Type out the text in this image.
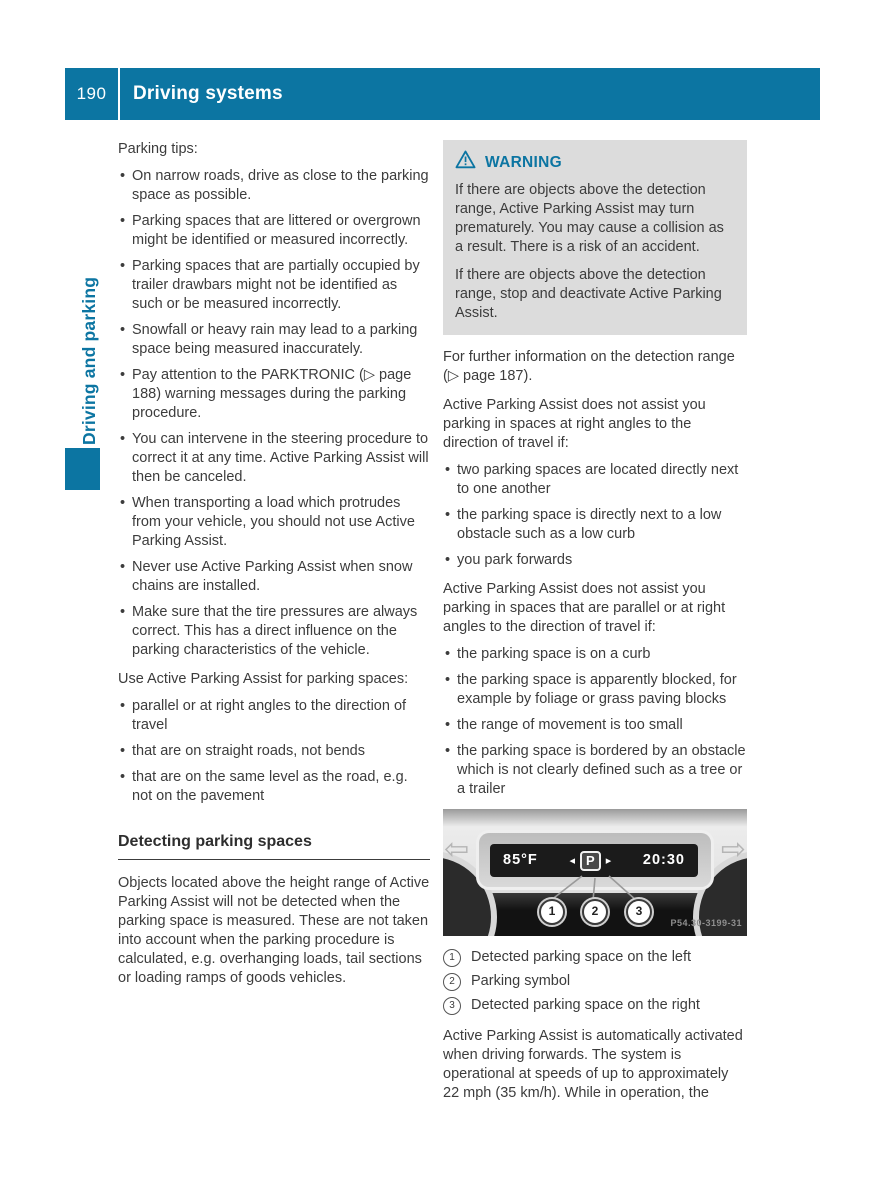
190	Driving systems
Driving and parking

Parking tips:

• On narrow roads, drive as close to the parking space as possible.
• Parking spaces that are littered or overgrown might be identified or measured incorrectly.
• Parking spaces that are partially occupied by trailer drawbars might not be identified as such or be measured incorrectly.
• Snowfall or heavy rain may lead to a parking space being measured inaccurately.
• Pay attention to the PARKTRONIC (▷ page 188) warning messages during the parking procedure.
• You can intervene in the steering procedure to correct it at any time. Active Parking Assist will then be canceled.
• When transporting a load which protrudes from your vehicle, you should not use Active Parking Assist.
• Never use Active Parking Assist when snow chains are installed.
• Make sure that the tire pressures are always correct. This has a direct influence on the parking characteristics of the vehicle.

Use Active Parking Assist for parking spaces:

• parallel or at right angles to the direction of travel
• that are on straight roads, not bends
• that are on the same level as the road, e.g. not on the pavement
Detecting parking spaces

Objects located above the height range of Active Parking Assist will not be detected when the parking space is measured. These are not taken into account when the parking procedure is calculated, e.g. overhanging loads, tail sections or loading ramps of goods vehicles.

WARNING

If there are objects above the detection range, Active Parking Assist may turn prematurely. You may cause a collision as a result. There is a risk of an accident.

If there are objects above the detection range, stop and deactivate Active Parking Assist.

For further information on the detection range (▷ page 187).

Active Parking Assist does not assist you parking in spaces at right angles to the direction of travel if:

• two parking spaces are located directly next to one another
• the parking space is directly next to a low obstacle such as a low curb
• you park forwards

Active Parking Assist does not assist you parking in spaces that are parallel or at right angles to the direction of travel if:

• the parking space is on a curb
• the parking space is apparently blocked, for example by foliage or grass paving blocks
• the range of movement is too small
• the parking space is bordered by an obstacle which is not clearly defined such as a tree or a trailer
⇦	⇨
85°F	◂ P	▸ 20:30
1	2	3
P54.30-3199-31
1	Detected parking space on the left
2	Parking symbol
3	Detected parking space on the right

Active Parking Assist is automatically activated when driving forwards. The system is operational at speeds of up to approximately 22 mph (35 km/h). While in operation, the
